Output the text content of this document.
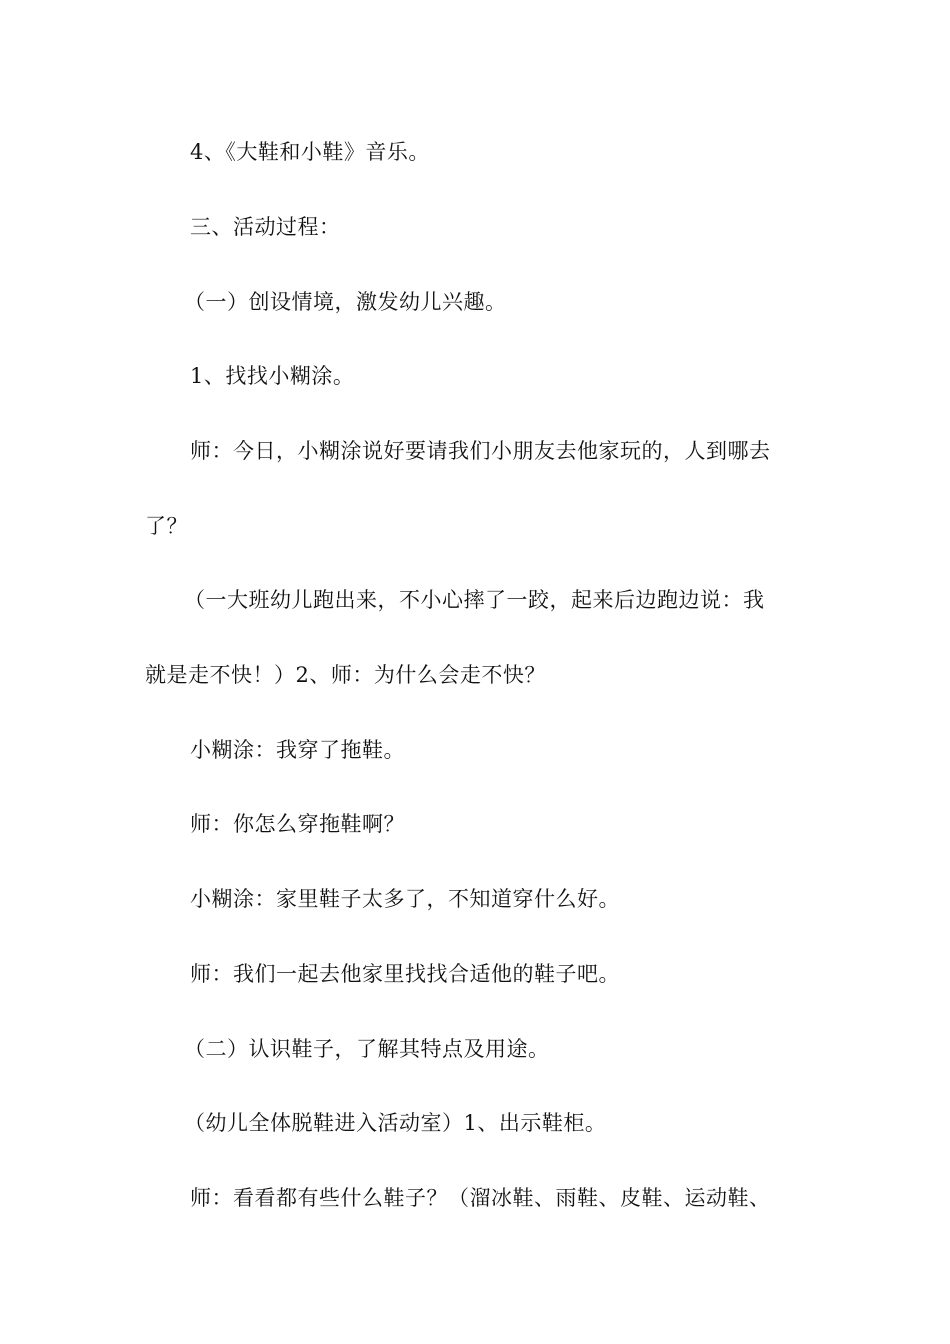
4、《大鞋和小鞋》音乐。
三、活动过程：
（一）创设情境，激发幼儿兴趣。
1、找找小糊涂。
师：今日，小糊涂说好要请我们小朋友去他家玩的，人到哪去
了？
（一大班幼儿跑出来，不小心摔了一跤，起来后边跑边说：我
就是走不快！）2、师：为什么会走不快？
小糊涂：我穿了拖鞋。
师：你怎么穿拖鞋啊？
小糊涂：家里鞋子太多了，不知道穿什么好。
师：我们一起去他家里找找合适他的鞋子吧。
（二）认识鞋子，了解其特点及用途。
（幼儿全体脱鞋进入活动室）1、出示鞋柜。
师：看看都有些什么鞋子？（溜冰鞋、雨鞋、皮鞋、运动鞋、
